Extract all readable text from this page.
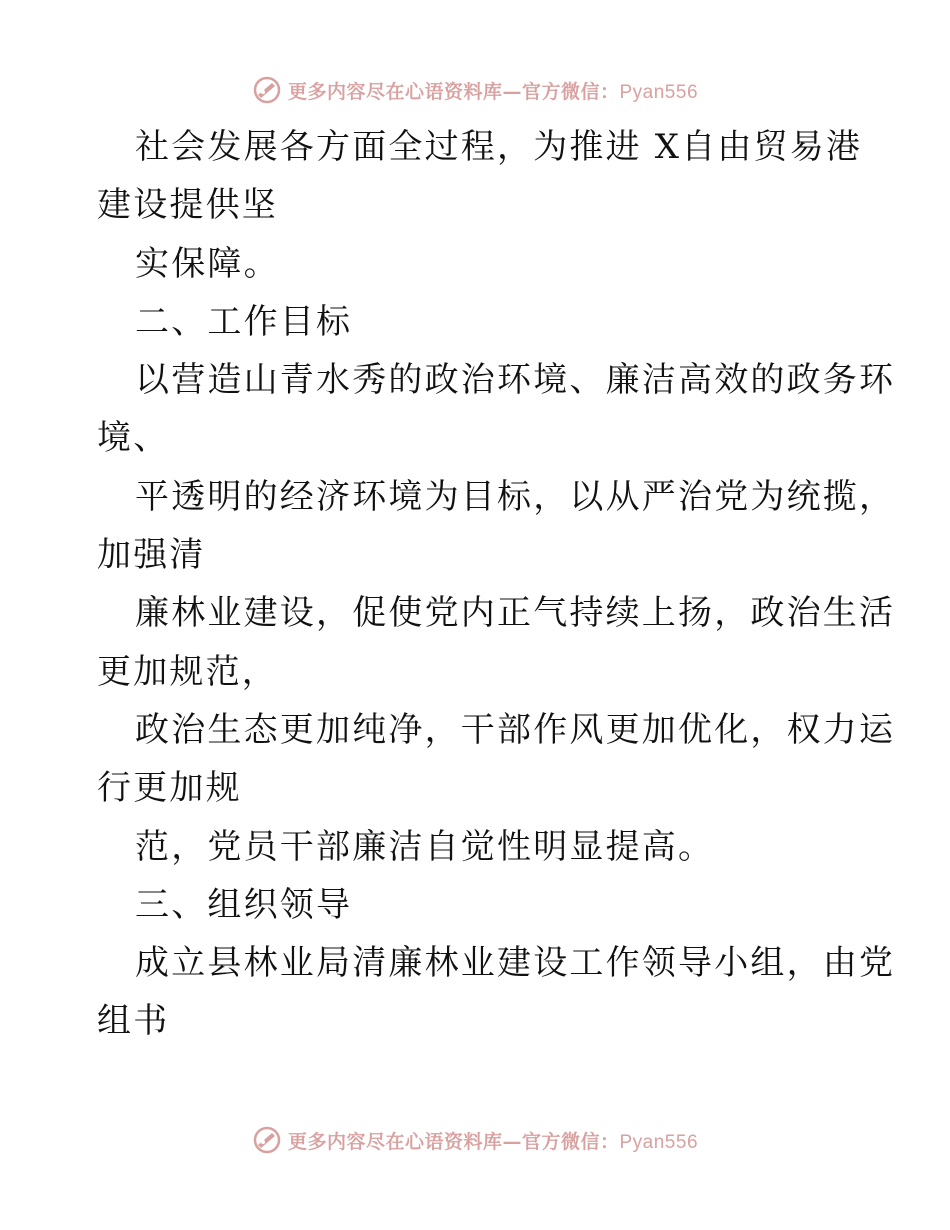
更多内容尽在心语资料库—官方微信：Pyan556
社会发展各方面全过程，为推进 X自由贸易港
建设提供坚
实保障。
二、工作目标
以营造山青水秀的政治环境、廉洁高效的政务环
境、
平透明的经济环境为目标，以从严治党为统揽，
加强清
廉林业建设，促使党内正气持续上扬，政治生活
更加规范，
政治生态更加纯净，干部作风更加优化，权力运
行更加规
范，党员干部廉洁自觉性明显提高。
三、组织领导
成立县林业局清廉林业建设工作领导小组，由党
组书
更多内容尽在心语资料库—官方微信：Pyan556
